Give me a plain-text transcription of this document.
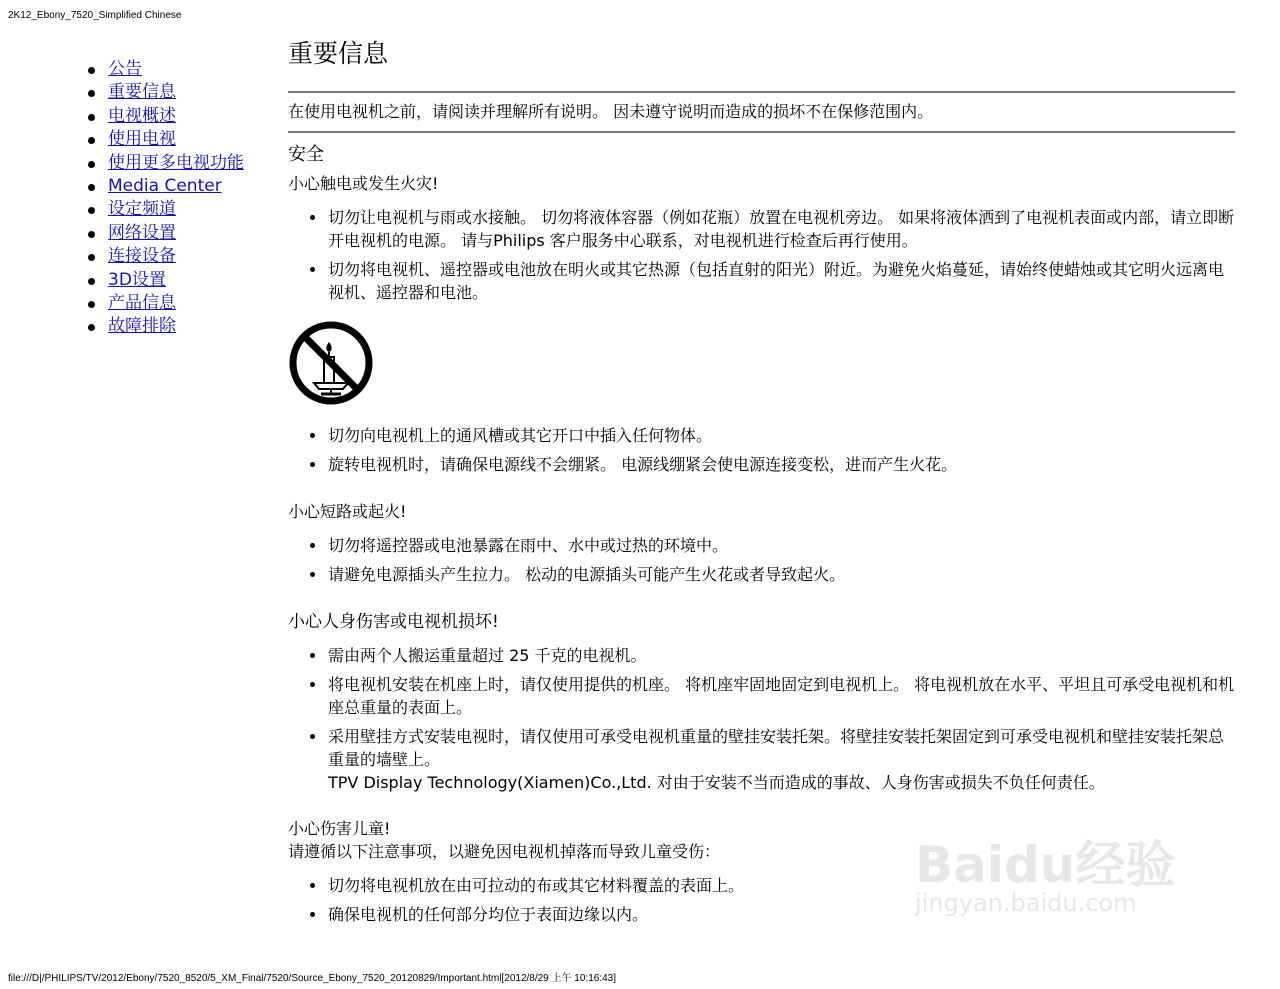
2K12_Ebony_7520_Simplified Chinese
公告
重要信息
电视概述
使用电视
使用更多电视功能
Media Center
设定频道
网络设置
连接设备
3D设置
产品信息
故障排除
重要信息
在使用电视机之前，请阅读并理解所有说明。 因未遵守说明而造成的损坏不在保修范围内。
安全

小心触电或发生火灾!

切勿让电视机与雨或水接触。 切勿将液体容器（例如花瓶）放置在电视机旁边。 如果将液体洒到了电视机表面或内部，请立即断开电视机的电源。 请与Philips 客户服务中心联系，对电视机进行检查后再行使用。
切勿将电视机、遥控器或电池放在明火或其它热源（包括直射的阳光）附近。为避免火焰蔓延，请始终使蜡烛或其它明火远离电视机、遥控器和电池。
切勿向电视机上的通风槽或其它开口中插入任何物体。
旋转电视机时，请确保电源线不会绷紧。 电源线绷紧会使电源连接变松，进而产生火花。

小心短路或起火!

切勿将遥控器或电池暴露在雨中、水中或过热的环境中。
请避免电源插头产生拉力。 松动的电源插头可能产生火花或者导致起火。

小心人身伤害或电视机损坏!

需由两个人搬运重量超过 25 千克的电视机。
将电视机安装在机座上时，请仅使用提供的机座。 将机座牢固地固定到电视机上。 将电视机放在水平、平坦且可承受电视机和机座总重量的表面上。
采用壁挂方式安装电视时，请仅使用可承受电视机重量的壁挂安装托架。将壁挂安装托架固定到可承受电视机和壁挂安装托架总重量的墙壁上。
TPV Display Technology(Xiamen)Co.,Ltd. 对由于安装不当而造成的事故、人身伤害或损失不负任何责任。

小心伤害儿童!

请遵循以下注意事项，以避免因电视机掉落而导致儿童受伤：

切勿将电视机放在由可拉动的布或其它材料覆盖的表面上。
确保电视机的任何部分均位于表面边缘以内。
Baidu经验
jingyan.baidu.com
file:///D|/PHILIPS/TV/2012/Ebony/7520_8520/5_XM_Final/7520/Source_Ebony_7520_20120829/Important.html[2012/8/29 上午 10:16:43]
